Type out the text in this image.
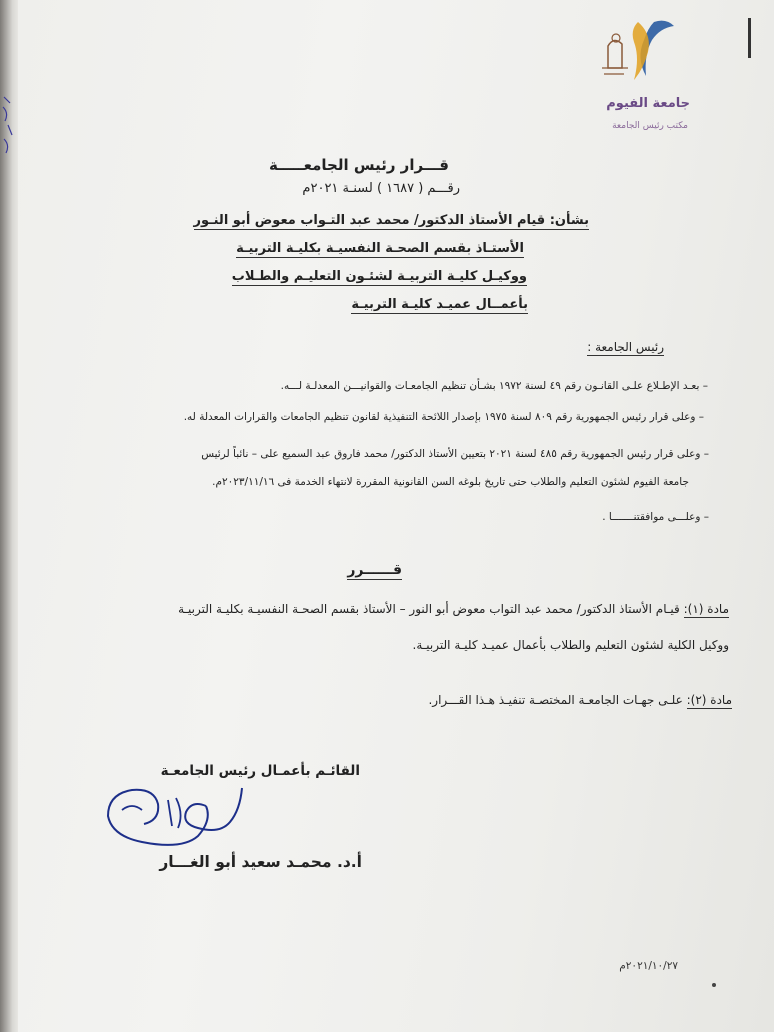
جامعة الفيوم
مكتب رئيس الجامعة
قـــرار رئيس الجامعـــــة
رقـــم ( ١٦٨٧ ) لسنـة ٢٠٢١م
بشأن: قيام الأستاذ الدكتور/ محمد عبد التـواب معوض أبو النـور
الأستـاذ بقسم الصحـة النفسيـة بكليـة التربيـة
ووكيـل كليـة التربيـة لشئـون التعليـم والطـلاب
بأعمــال عميـد كليـة التربيـة
رئيس الجامعة :
– بعـد الإطـلاع علـى القانـون رقم ٤٩ لسنة ١٩٧٢ بشـأن تنظيم الجامعـات والقوانيـــن المعدلـة لـــه.
– وعلى قرار رئيس الجمهورية رقم ٨٠٩ لسنة ١٩٧٥ بإصدار اللائحة التنفيذية لقانون تنظيم الجامعات والقرارات المعدلة له.
– وعلى قرار رئيس الجمهورية رقم ٤٨٥ لسنة ٢٠٢١ بتعيين الأستاذ الدكتور/ محمد فاروق عبد السميع على – نائباً لرئيس
جامعة الفيوم لشئون التعليم والطلاب حتى تاريخ بلوغه السن القانونية المقررة لانتهاء الخدمة فى ٢٠٢٣/١١/١٦م.
– وعلـــى موافقتنـــــــا .
قــــــرر
مادة (١): قيـام الأستاذ الدكتور/ محمد عبد التواب معوض أبو النور – الأستاذ بقسم الصحـة النفسيـة بكليـة التربيـة
ووكيل الكلية لشئون التعليم والطلاب بأعمال عميـد كليـة التربيـة.
مادة (٢): علـى جهـات الجامعـة المختصـة تنفيـذ هـذا القـــرار.
القائـم بأعمـال رئيس الجامعـة
أ.د. محمـد سعيد أبو الغـــار
٢٠٢١/١٠/٢٧م
